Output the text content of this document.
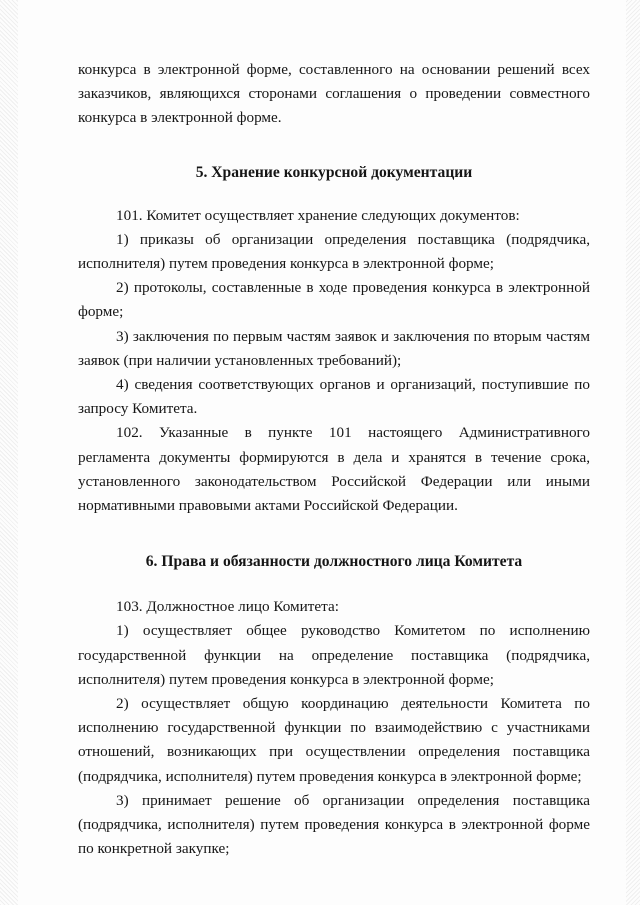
конкурса в электронной форме, составленного на основании решений всех заказчиков, являющихся сторонами соглашения о проведении совместного конкурса в электронной форме.

5. Хранение конкурсной документации

101. Комитет осуществляет хранение следующих документов:

1) приказы об организации определения поставщика (подрядчика, исполнителя) путем проведения конкурса в электронной форме;

2) протоколы, составленные в ходе проведения конкурса в электронной форме;

3) заключения по первым частям заявок и заключения по вторым частям заявок (при наличии установленных требований);

4) сведения соответствующих органов и организаций, поступившие по запросу Комитета.

102. Указанные в пункте 101 настоящего Административного регламента документы формируются в дела и хранятся в течение срока, установленного законодательством Российской Федерации или иными нормативными правовыми актами Российской Федерации.

6. Права и обязанности должностного лица Комитета

103. Должностное лицо Комитета:

1) осуществляет общее руководство Комитетом по исполнению государственной функции на определение поставщика (подрядчика, исполнителя) путем проведения конкурса в электронной форме;

2) осуществляет общую координацию деятельности Комитета по исполнению государственной функции по взаимодействию с участниками отношений, возникающих при осуществлении определения поставщика (подрядчика, исполнителя) путем проведения конкурса в электронной форме;

3) принимает решение об организации определения поставщика (подрядчика, исполнителя) путем проведения конкурса в электронной форме по конкретной закупке;
